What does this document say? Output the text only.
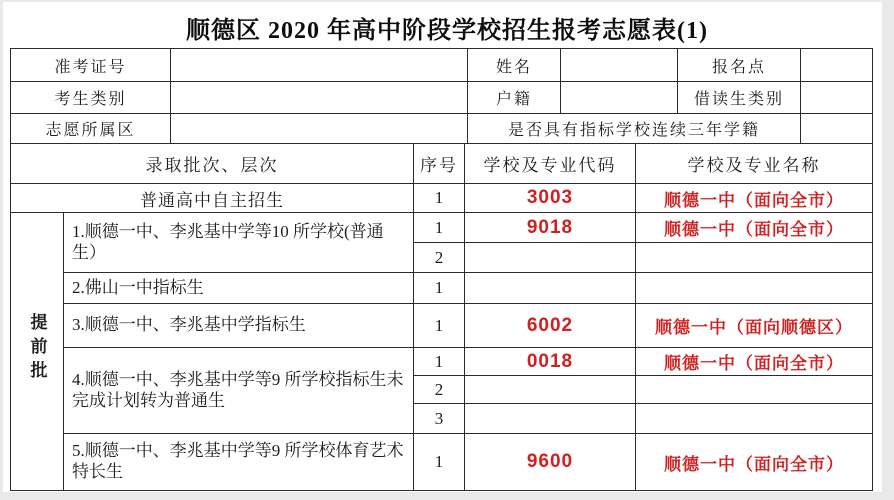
顺德区 2020 年高中阶段学校招生报考志愿表(1)
准考证号		姓名		报名点	
考生类别		户籍		借读生类别	
志愿所属区		是否具有指标学校连续三年学籍			
录取批次、层次		序号	学校及专业代码	学校及专业名称
普通高中自主招生		1	3003	顺德一中（面向全市）
提前批	1.顺德一中、李兆基中学等10 所学校(普通生）	1	9018	顺德一中（面向全市）
		2		
	2.佛山一中指标生	1		
	3.顺德一中、李兆基中学指标生	1	6002	顺德一中（面向顺德区）
	4.顺德一中、李兆基中学等9 所学校指标生未完成计划转为普通生	1	0018	顺德一中（面向全市）
		2		
		3		
	5.顺德一中、李兆基中学等9 所学校体育艺术特长生	1	9600	顺德一中（面向全市）
